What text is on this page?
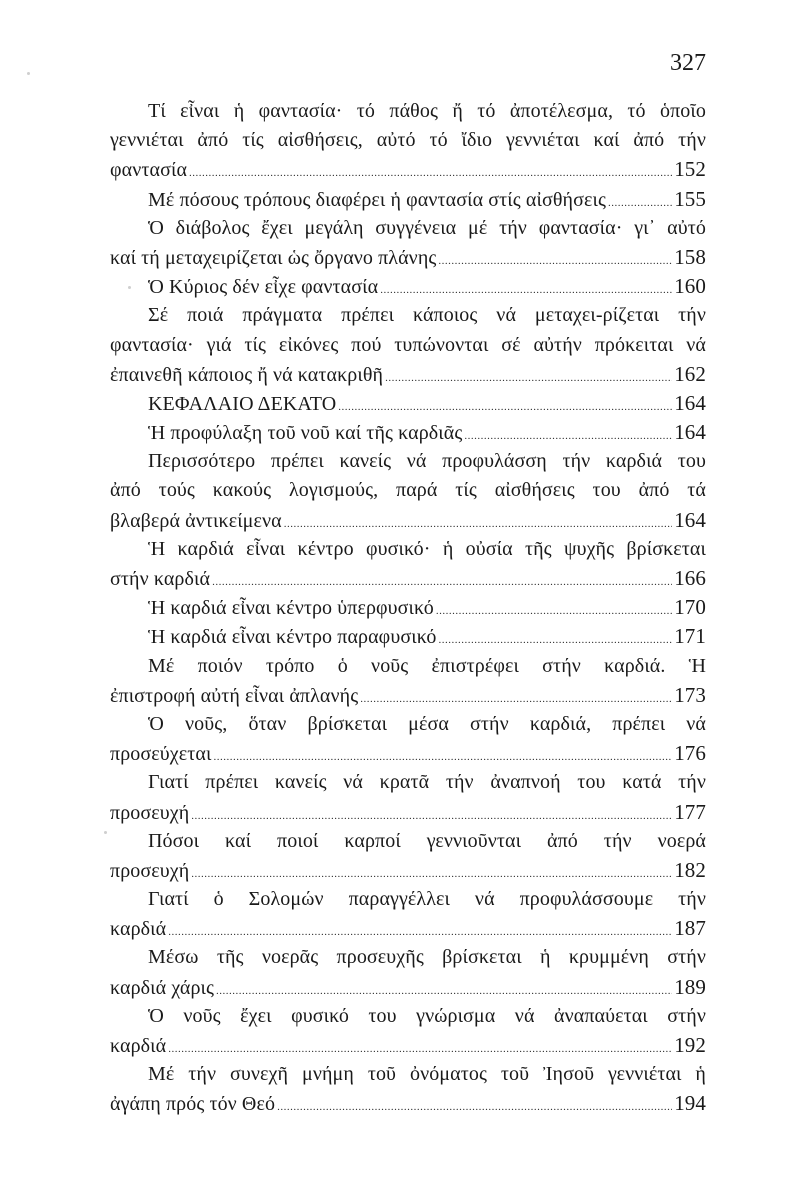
327
Τί εἶναι ἡ φαντασία· τό πάθος ἤ τό ἀποτέλεσμα, τό ὁποῖο
γεννιέται ἀπό τίς αἰσθήσεις, αὐτό τό ἴδιο γεννιέται καί ἀπό τήν
φαντασία .....	152
Μέ πόσους τρόπους διαφέρει ἡ φαντασία στίς αἰσθήσεις .....	155
Ὁ διάβολος ἔχει μεγάλη συγγένεια μέ τήν φαντασία· γι᾽ αὐτό
καί τή μεταχειρίζεται ὡς ὄργανο πλάνης .....	158
Ὁ Κύριος δέν εἶχε φαντασία .....	160
Σέ ποιά πράγματα πρέπει κάποιος νά μεταχει-ρίζεται τήν
φαντασία· γιά τίς εἰκόνες πού τυπώνονται σέ αὐτήν πρόκειται νά
ἐπαινεθῆ κάποιος ἤ νά κατακριθῆ .....	162
ΚΕΦΑΛΑΙΟ ΔΕΚΑΤΟ .....	164
Ἡ προφύλαξη τοῦ νοῦ καί τῆς καρδιᾶς .....	164
Περισσότερο πρέπει κανείς νά προφυλάσση τήν καρδιά του
ἀπό τούς κακούς λογισμούς, παρά τίς αἰσθήσεις του ἀπό τά
βλαβερά ἀντικείμενα .....	164
Ἡ καρδιά εἶναι κέντρο φυσικό· ἡ οὐσία τῆς ψυχῆς βρίσκεται
στήν καρδιά .....	166
Ἡ καρδιά εἶναι κέντρο ὑπερφυσικό .....	170
Ἡ καρδιά εἶναι κέντρο παραφυσικό .....	171
Μέ ποιόν τρόπο ὁ νοῦς ἐπιστρέφει στήν καρδιά. Ἡ
ἐπιστροφή αὐτή εἶναι ἀπλανής .....	173
Ὁ νοῦς, ὅταν βρίσκεται μέσα στήν καρδιά, πρέπει νά
προσεύχεται .....	176
Γιατί πρέπει κανείς νά κρατᾶ τήν ἀναπνοή του κατά τήν
προσευχή .....	177
Πόσοι καί ποιοί καρποί γεννιοῦνται ἀπό τήν νοερά
προσευχή .....	182
Γιατί ὁ Σολομών παραγγέλλει νά προφυλάσσουμε τήν
καρδιά .....	187
Μέσω τῆς νοερᾶς προσευχῆς βρίσκεται ἡ κρυμμένη στήν
καρδιά χάρις .....	189
Ὁ νοῦς ἔχει φυσικό του γνώρισμα νά ἀναπαύεται στήν
καρδιά .....	192
Μέ τήν συνεχῆ μνήμη τοῦ ὀνόματος τοῦ Ἰησοῦ γεννιέται ἡ
ἀγάπη πρός τόν Θεό .....	194
